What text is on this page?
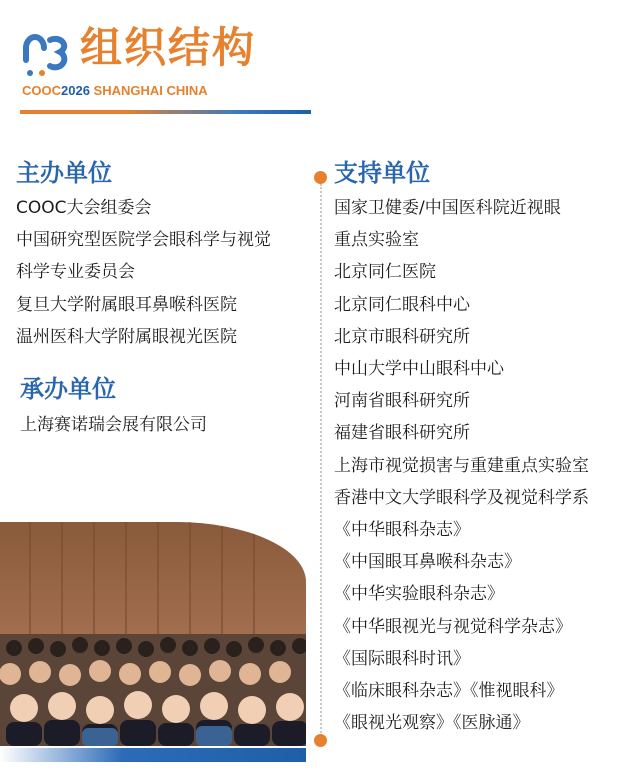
组织结构
COOC2026 SHANGHAI CHINA
主办单位
COOC大会组委会
中国研究型医院学会眼科学与视觉
科学专业委员会
复旦大学附属眼耳鼻喉科医院
温州医科大学附属眼视光医院
承办单位
上海赛诺瑞会展有限公司
支持单位
国家卫健委/中国医科院近视眼
重点实验室
北京同仁医院
北京同仁眼科中心
北京市眼科研究所
中山大学中山眼科中心
河南省眼科研究所
福建省眼科研究所
上海市视觉损害与重建重点实验室
香港中文大学眼科学及视觉科学系
《中华眼科杂志》
《中国眼耳鼻喉科杂志》
《中华实验眼科杂志》
《中华眼视光与视觉科学杂志》
《国际眼科时讯》
《临床眼科杂志》《惟视眼科》
《眼视光观察》《医脉通》
